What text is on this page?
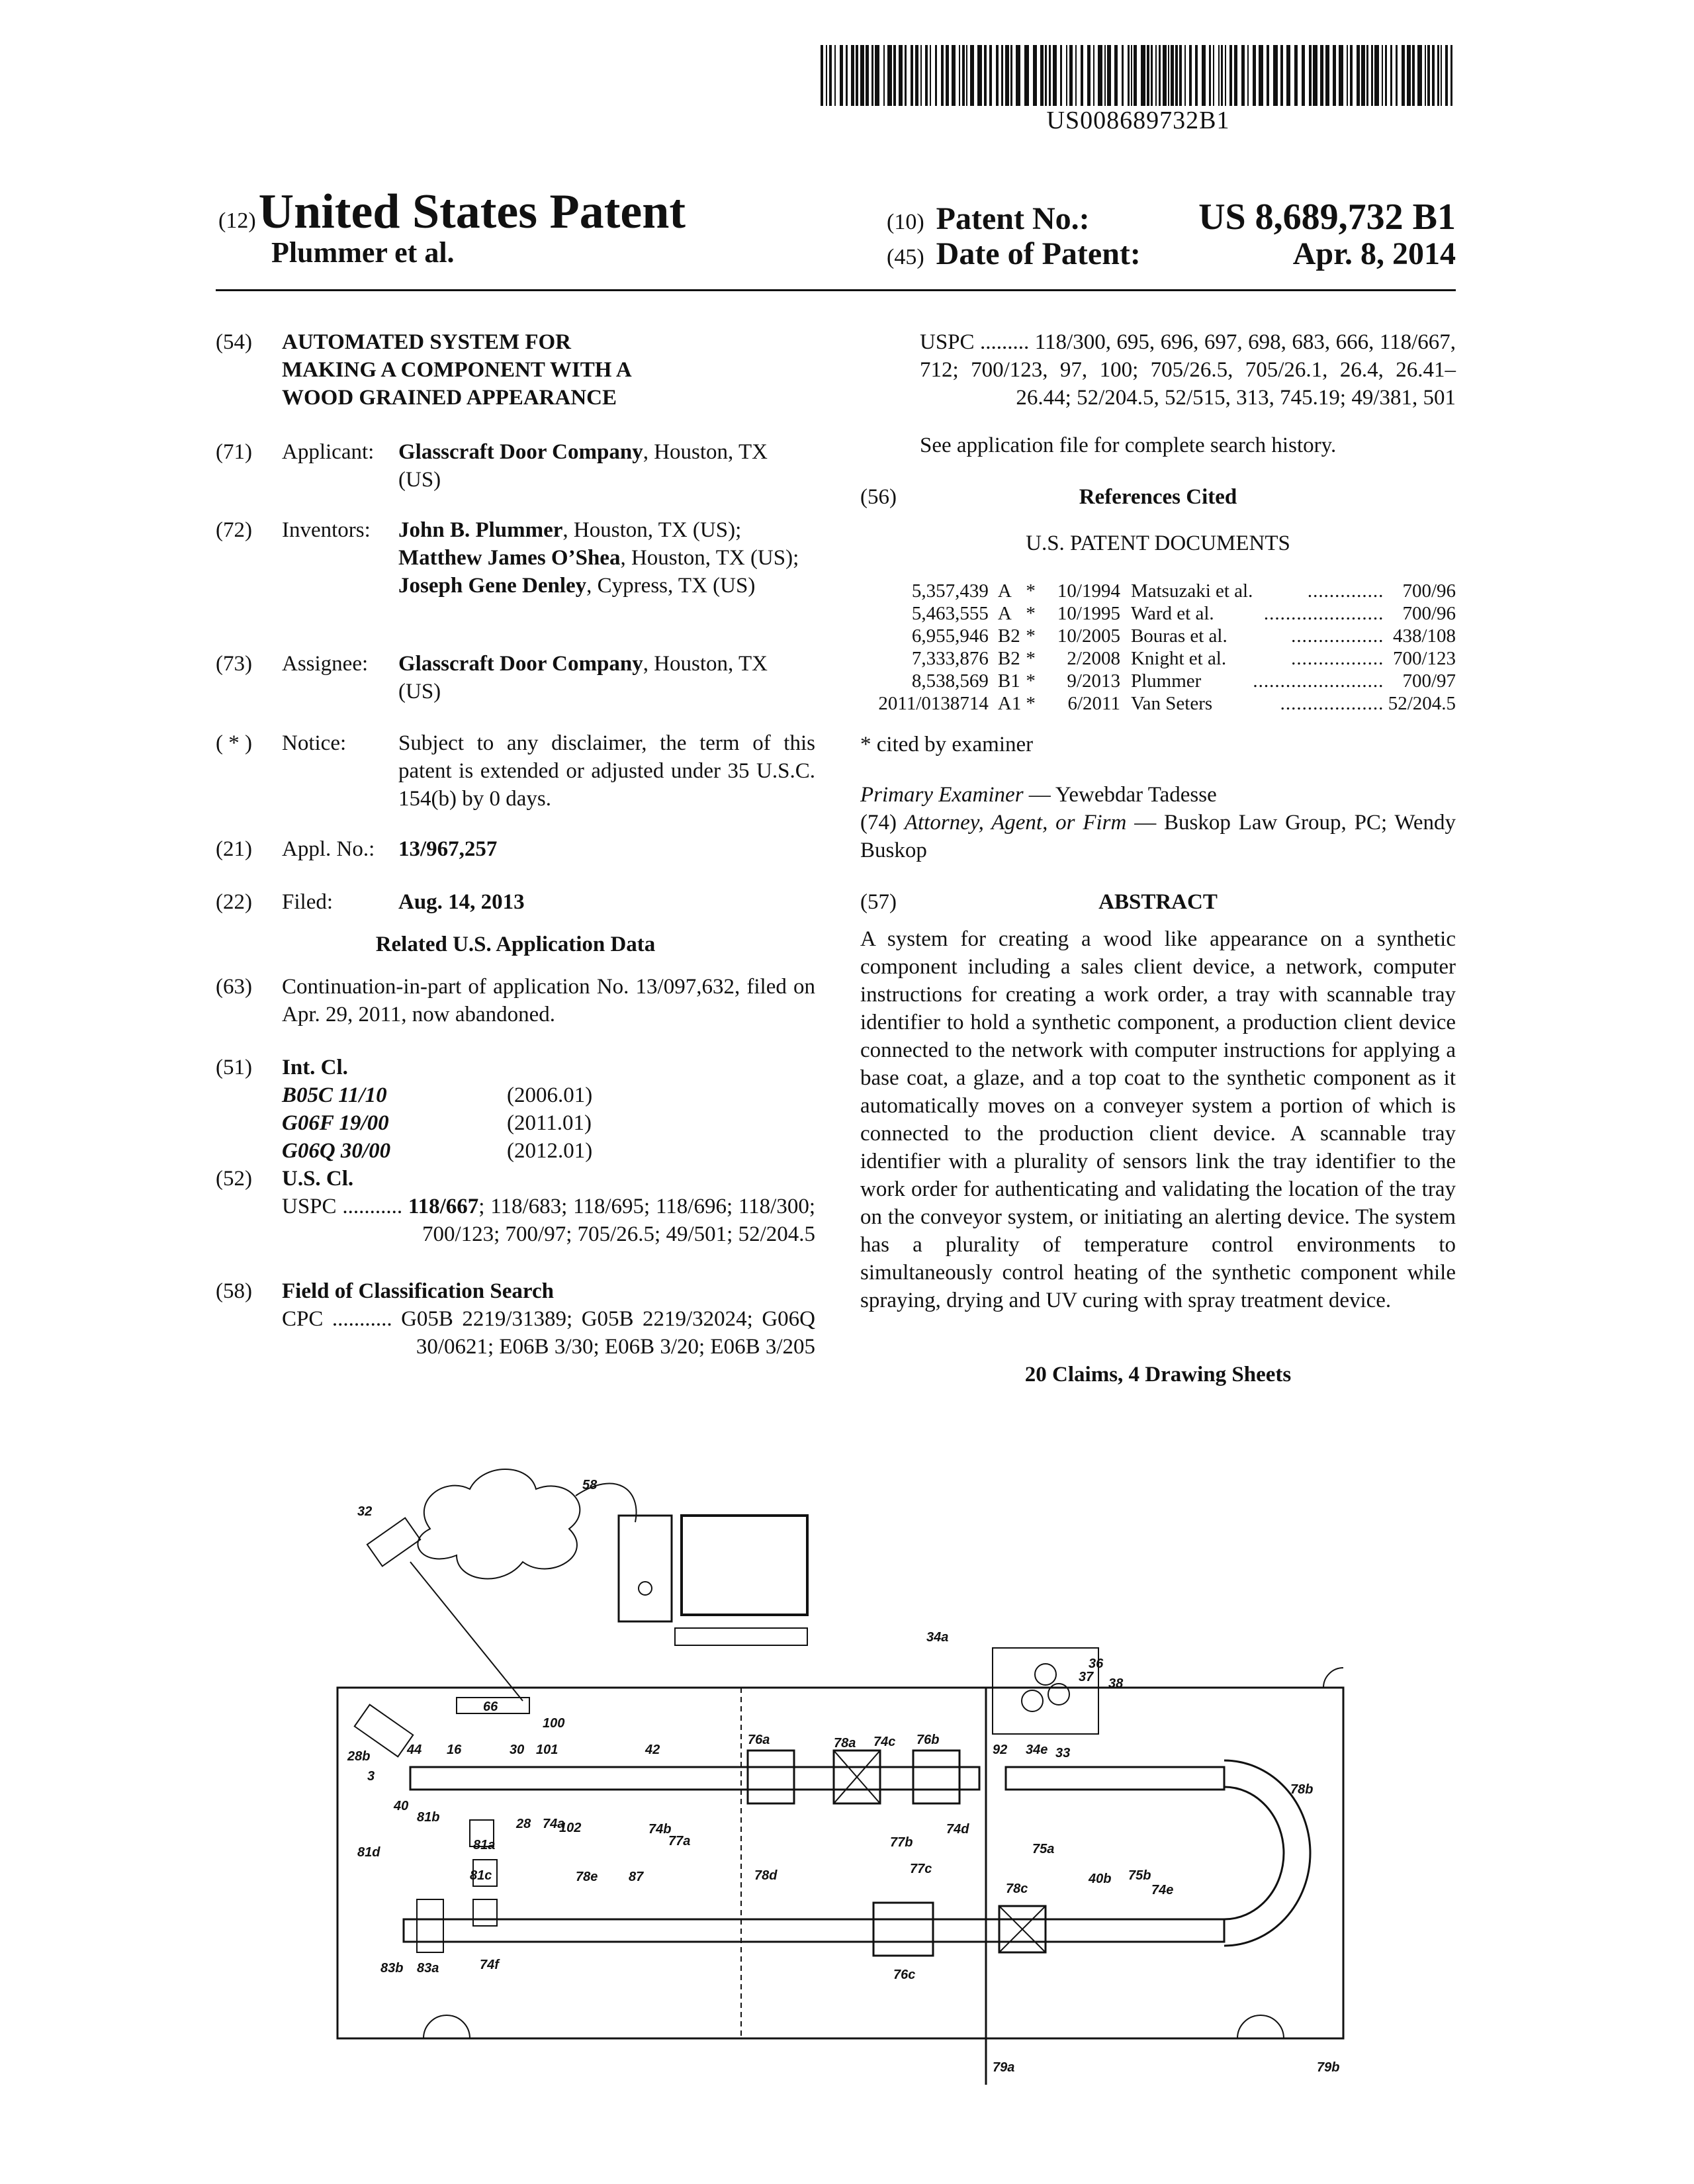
US008689732B1
(12) United States Patent
Plummer et al.
(10) Patent No.:	US 8,689,732 B1
(45) Date of Patent:	Apr. 8, 2014
(54)	AUTOMATED SYSTEM FOR MAKING A COMPONENT WITH A WOOD GRAINED APPEARANCE
(71)	Applicant:	Glasscraft Door Company, Houston, TX (US)
(72)	Inventors:	John B. Plummer, Houston, TX (US); Matthew James O’Shea, Houston, TX (US); Joseph Gene Denley, Cypress, TX (US)
(73)	Assignee:	Glasscraft Door Company, Houston, TX (US)
( * )	Notice:	Subject to any disclaimer, the term of this patent is extended or adjusted under 35 U.S.C. 154(b) by 0 days.
(21)	Appl. No.:	13/967,257
(22)	Filed:	Aug. 14, 2013
Related U.S. Application Data
(63)	Continuation-in-part of application No. 13/097,632, filed on Apr. 29, 2011, now abandoned.
(51)	Int. Cl.
B05C 11/10	(2006.01)
G06F 19/00	(2011.01)
G06Q 30/00	(2012.01)
(52)	U.S. Cl.
USPC ........... 118/667; 118/683; 118/695; 118/696; 118/300; 700/123; 700/97; 705/26.5; 49/501; 52/204.5
(58)	Field of Classification Search
CPC ........... G05B 2219/31389; G05B 2219/32024; G06Q 30/0621; E06B 3/30; E06B 3/20; E06B 3/205
USPC ......... 118/300, 695, 696, 697, 698, 683, 666, 118/667, 712; 700/123, 97, 100; 705/26.5, 705/26.1, 26.4, 26.41–26.44; 52/204.5, 52/515, 313, 745.19; 49/381, 501
See application file for complete search history.
(56)	References Cited
U.S. PATENT DOCUMENTS
5,357,439	A	*	10/1994	Matsuzaki et al.	..............	700/96
5,463,555	A	*	10/1995	Ward et al.	......................	700/96
6,955,946	B2	*	10/2005	Bouras et al.	.................	438/108
7,333,876	B2	*	2/2008	Knight et al.	.................	700/123
8,538,569	B1	*	9/2013	Plummer	........................	700/97
2011/0138714	A1	*	6/2011	Van Seters	...................	52/204.5
* cited by examiner
Primary Examiner — Yewebdar Tadesse
(74) Attorney, Agent, or Firm — Buskop Law Group, PC; Wendy Buskop
(57)	ABSTRACT
A system for creating a wood like appearance on a synthetic component including a sales client device, a network, computer instructions for creating a work order, a tray with scannable tray identifier to hold a synthetic component, a production client device connected to the network with computer instructions for applying a base coat, a glaze, and a top coat to the synthetic component as it automatically moves on a conveyer system a portion of which is connected to the production client device. A scannable tray identifier with a plurality of sensors link the tray identifier to the work order for authenticating and validating the location of the tray on the conveyor system, or initiating an alerting device. The system has a plurality of temperature control environments to simultaneously control heating of the synthetic component while spraying, drying and UV curing with spray treatment device.
20 Claims, 4 Drawing Sheets
32
58
34a
36
37 38
66
100
28b
3
44 16	30 101	42
76a	78a 74c 76b
92 34e 33
78b
40
81b	28 74a
102	74b
77a	77b
74d
75a
81d	81a
81c	78e 87	78d	77c
78c
40b 75b
74e
83b 83a	74f
76c
79a	79b
